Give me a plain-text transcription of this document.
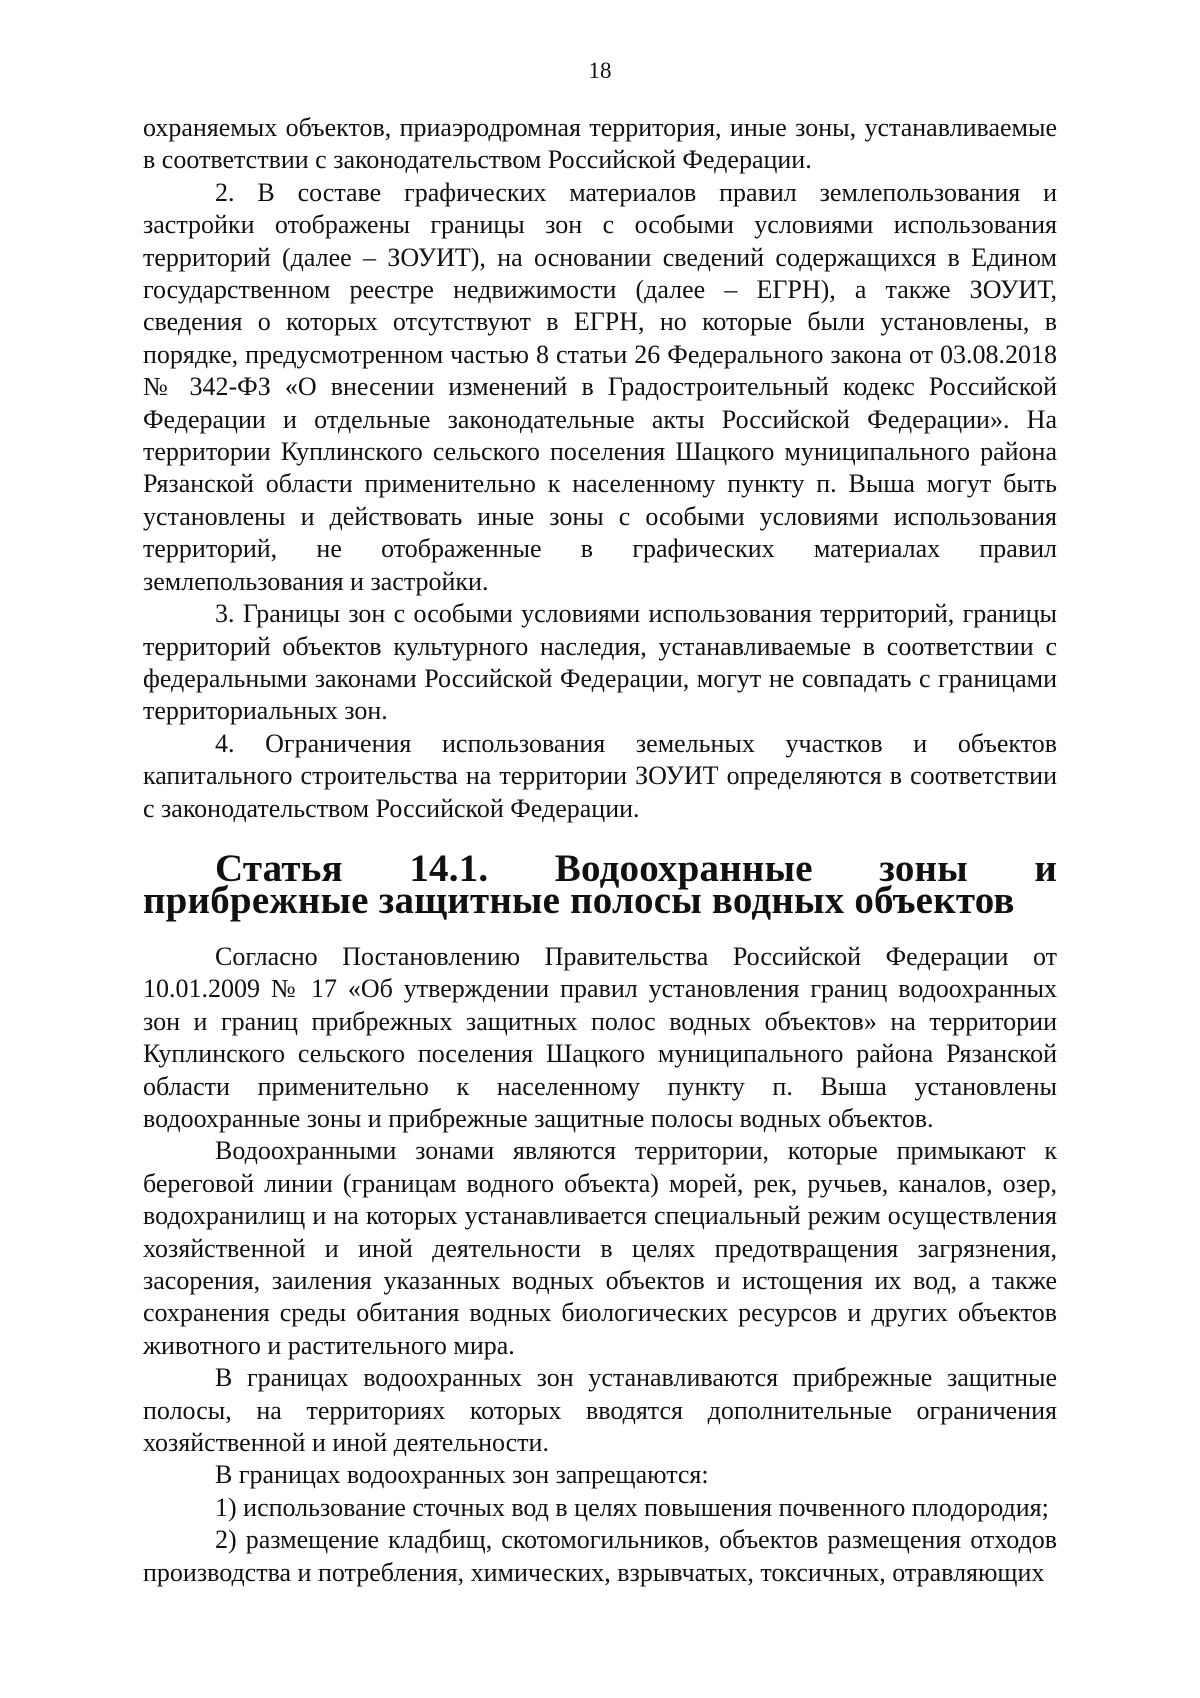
18

охраняемых объектов, приаэродромная территория, иные зоны, устанавливаемые в соответствии с законодательством Российской Федерации.

2. В составе графических материалов правил землепользования и застройки отображены границы зон с особыми условиями использования территорий (далее – ЗОУИТ), на основании сведений содержащихся в Едином государственном реестре недвижимости (далее – ЕГРН), а также ЗОУИТ, сведения о которых отсутствуют в ЕГРН, но которые были установлены, в порядке, предусмотренном частью 8 статьи 26 Федерального закона от 03.08.2018 № 342-ФЗ «О внесении изменений в Градостроительный кодекс Российской Федерации и отдельные законодательные акты Российской Федерации». На территории Куплинского сельского поселения Шацкого муниципального района Рязанской области применительно к населенному пункту п. Выша могут быть установлены и действовать иные зоны с особыми условиями использования территорий, не отображенные в графических материалах правил землепользования и застройки.

3. Границы зон с особыми условиями использования территорий, границы территорий объектов культурного наследия, устанавливаемые в соответствии с федеральными законами Российской Федерации, могут не совпадать с границами территориальных зон.

4. Ограничения использования земельных участков и объектов капитального строительства на территории ЗОУИТ определяются в соответствии с законодательством Российской Федерации.

Статья 14.1. Водоохранные зоны и прибрежные защитные полосы водных объектов

Согласно Постановлению Правительства Российской Федерации от 10.01.2009 № 17 «Об утверждении правил установления границ водоохранных зон и границ прибрежных защитных полос водных объектов» на территории Куплинского сельского поселения Шацкого муниципального района Рязанской области применительно к населенному пункту п. Выша установлены водоохранные зоны и прибрежные защитные полосы водных объектов.

Водоохранными зонами являются территории, которые примыкают к береговой линии (границам водного объекта) морей, рек, ручьев, каналов, озер, водохранилищ и на которых устанавливается специальный режим осуществления хозяйственной и иной деятельности в целях предотвращения загрязнения, засорения, заиления указанных водных объектов и истощения их вод, а также сохранения среды обитания водных биологических ресурсов и других объектов животного и растительного мира.

В границах водоохранных зон устанавливаются прибрежные защитные полосы, на территориях которых вводятся дополнительные ограничения хозяйственной и иной деятельности.

В границах водоохранных зон запрещаются:

1) использование сточных вод в целях повышения почвенного плодородия;

2) размещение кладбищ, скотомогильников, объектов размещения отходов производства и потребления, химических, взрывчатых, токсичных, отравляющих
